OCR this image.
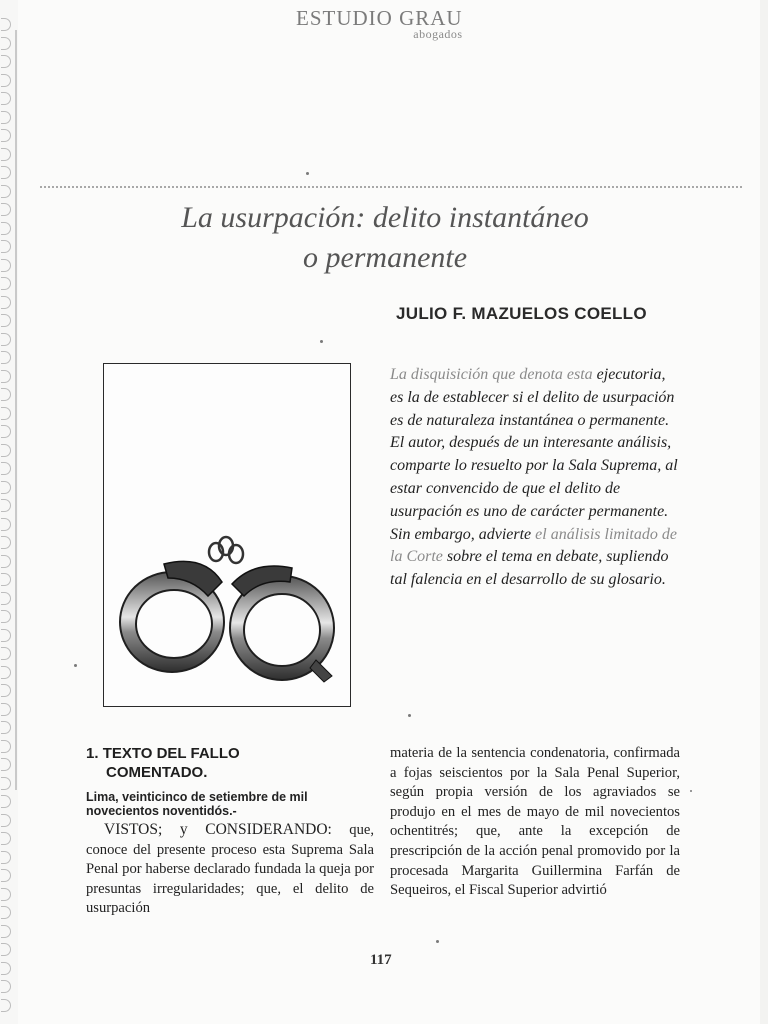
ESTUDIO GRAU
abogados
La usurpación: delito instantáneo
o permanente
JULIO F. MAZUELOS COELLO
La disquisición que denota esta ejecutoria, es la de establecer si el delito de usurpación es de naturaleza instantánea o permanente. El autor, después de un interesante análisis, comparte lo resuelto por la Sala Suprema, al estar convencido de que el delito de usurpación es uno de carácter permanente. Sin embargo, advierte el análisis limitado de la Corte sobre el tema en debate, supliendo tal falencia en el desarrollo de su glosario.
1. TEXTO DEL FALLO
COMENTADO.

Lima, veinticinco de setiembre de mil novecientos noventidós.-

VISTOS; y CONSIDERANDO: que, conoce del presente proceso esta Suprema Sala Penal por haberse declarado fundada la queja por presuntas irregularidades; que, el delito de usurpación

materia de la sentencia condenatoria, confirmada a fojas seiscientos por la Sala Penal Superior, según propia versión de los agraviados se produjo en el mes de mayo de mil novecientos ochentitrés; que, ante la excepción de prescripción de la acción penal promovido por la procesada Margarita Guillermina Farfán de Sequeiros, el Fiscal Superior advirtió

117
